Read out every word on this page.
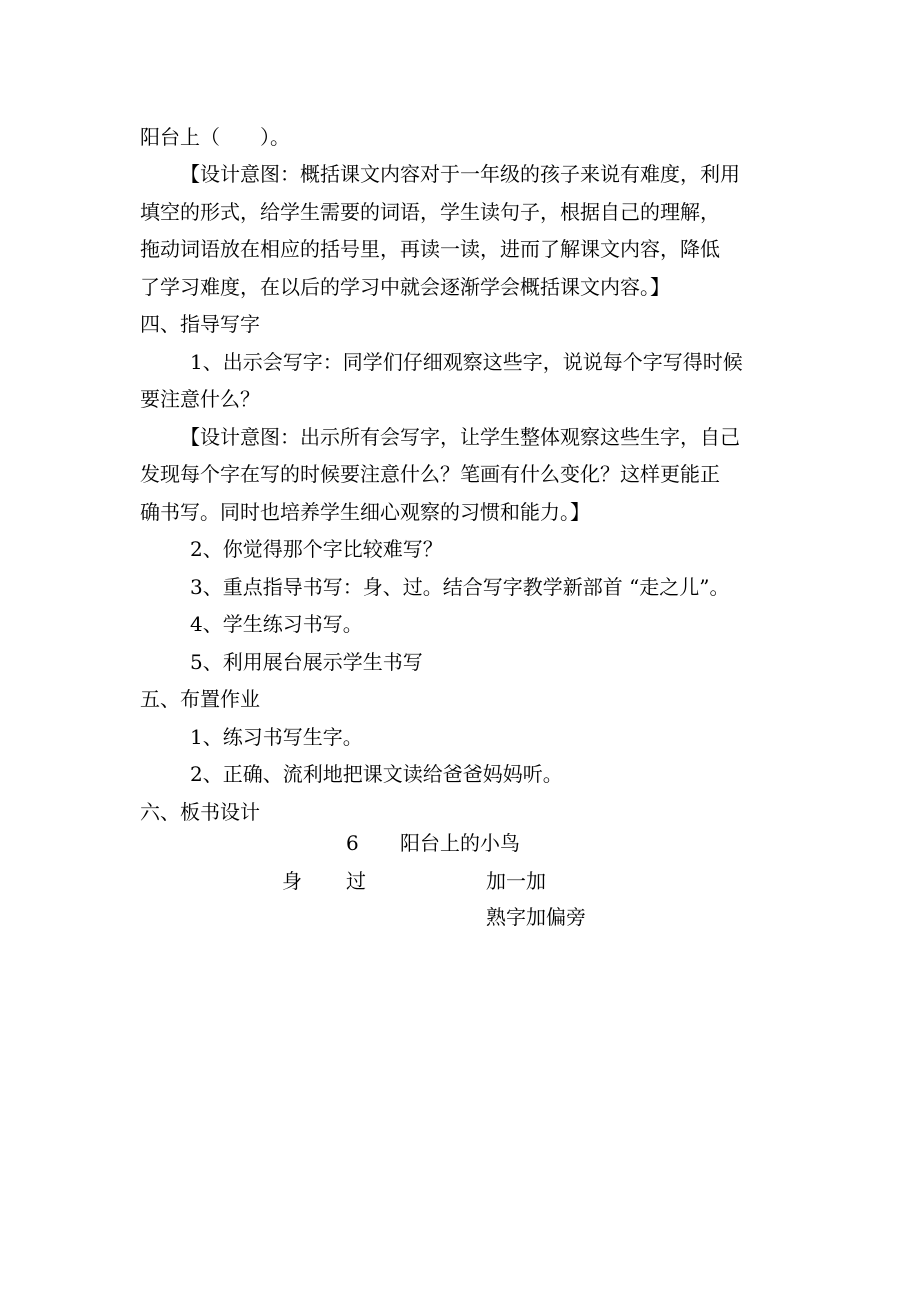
阳台上（　　）。
【设计意图：概括课文内容对于一年级的孩子来说有难度，利用
填空的形式，给学生需要的词语，学生读句子，根据自己的理解，
拖动词语放在相应的括号里，再读一读，进而了解课文内容，降低
了学习难度，在以后的学习中就会逐渐学会概括课文内容。】
四、指导写字
1、出示会写字：同学们仔细观察这些字，说说每个字写得时候
要注意什么？
【设计意图：出示所有会写字，让学生整体观察这些生字，自己
发现每个字在写的时候要注意什么？笔画有什么变化？这样更能正
确书写。同时也培养学生细心观察的习惯和能力。】
2、你觉得那个字比较难写？
3、重点指导书写：身、过。结合写字教学新部首 “走之儿”。
4、学生练习书写。
5、利用展台展示学生书写
五、布置作业
1、练习书写生字。
2、正确、流利地把课文读给爸爸妈妈听。
六、板书设计
6 阳台上的小鸟
身 过	加一加
熟字加偏旁
